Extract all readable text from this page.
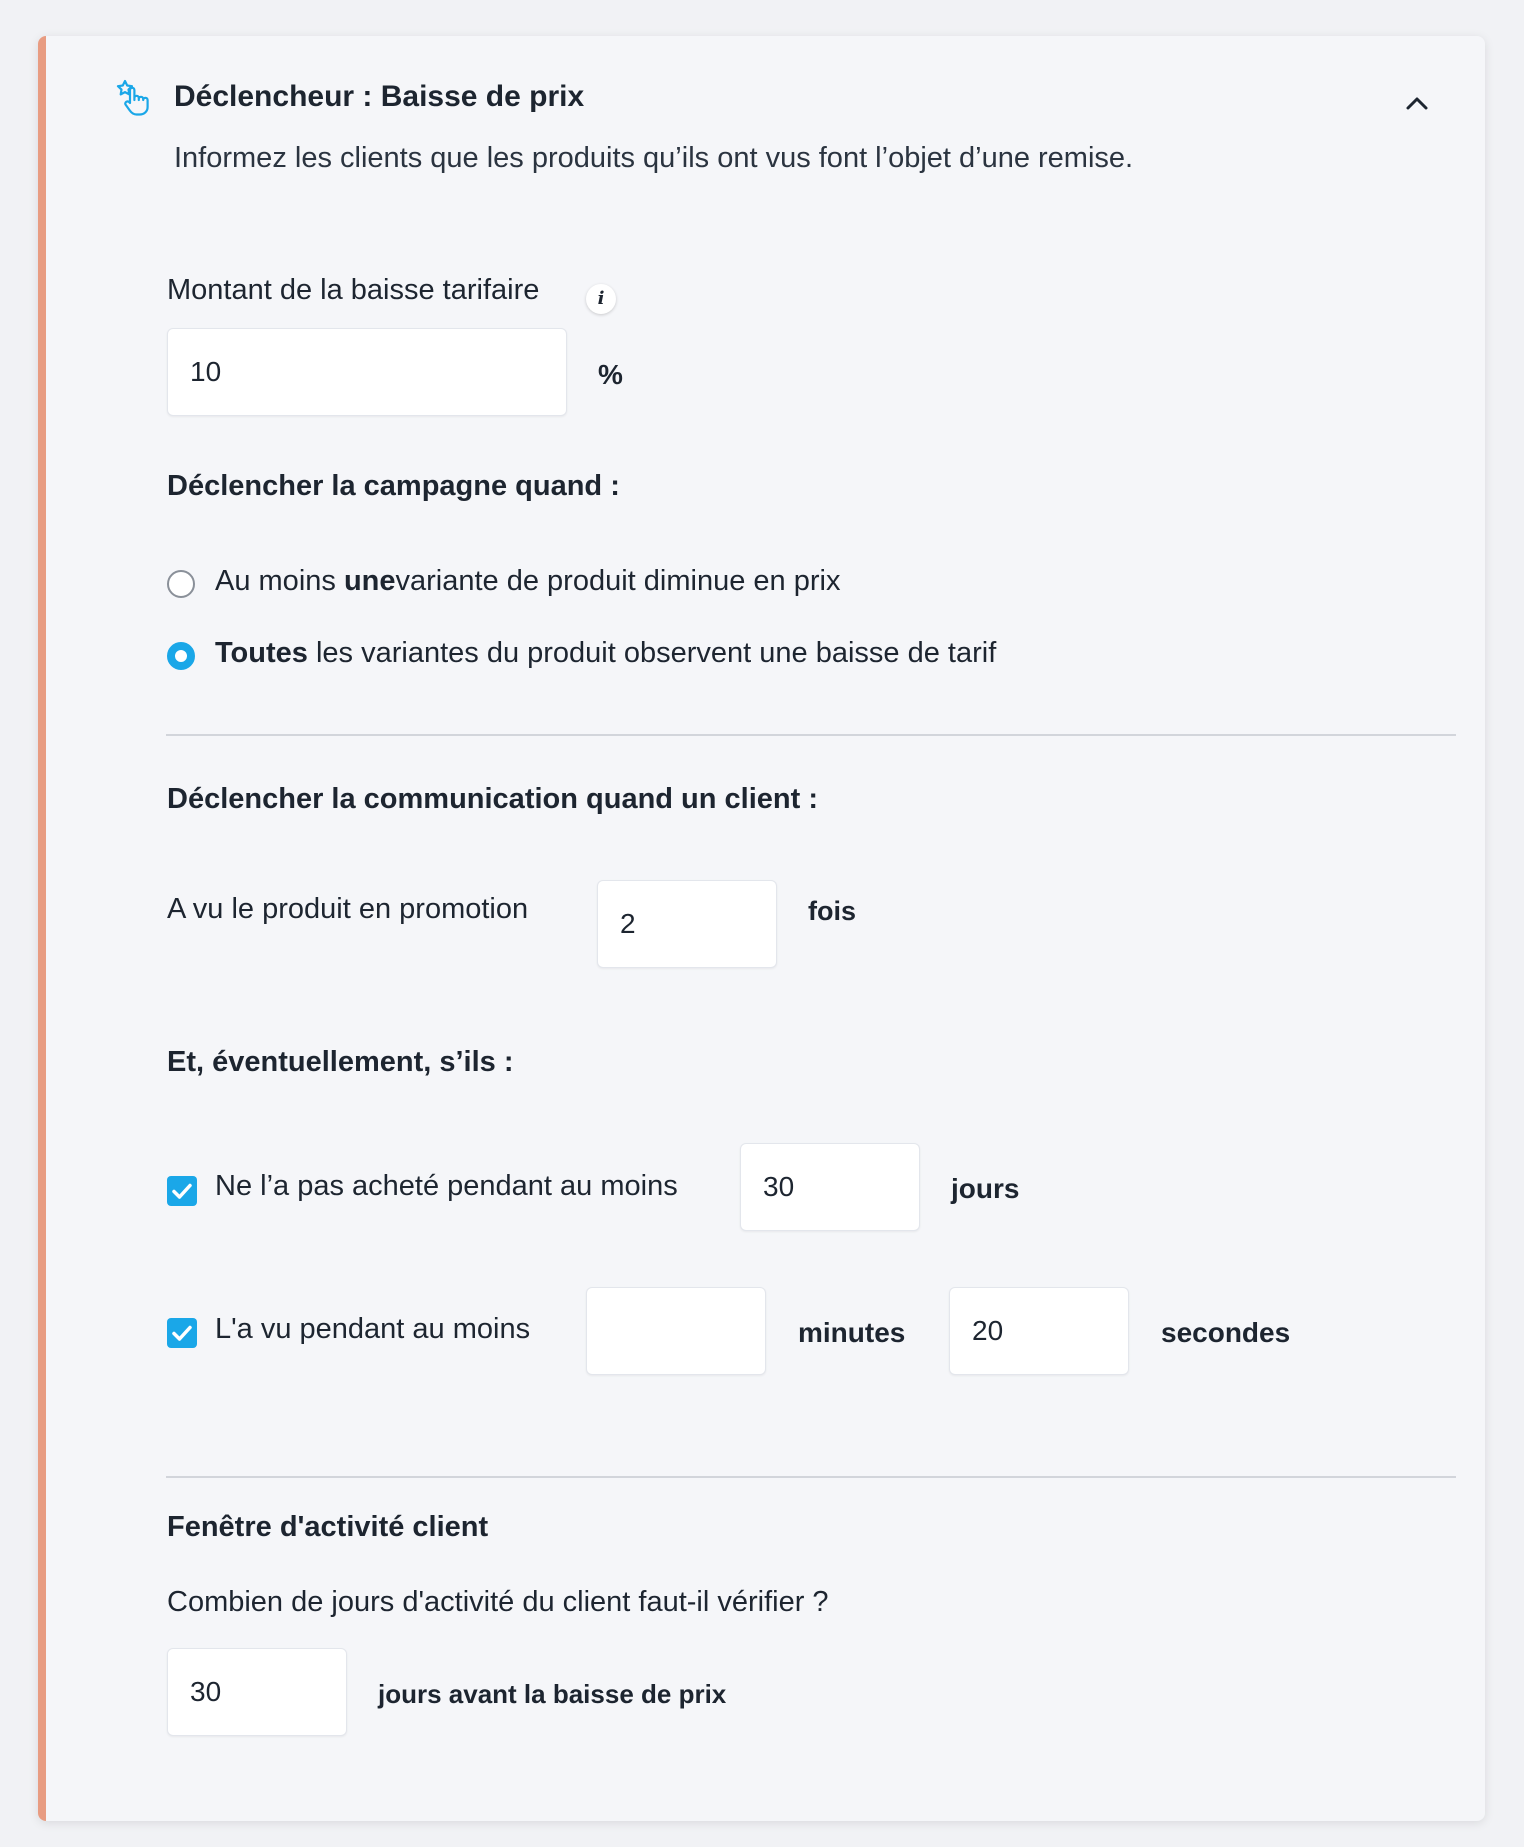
Déclencheur : Baisse de prix
Informez les clients que les produits qu’ils ont vus font l’objet d’une remise.
Montant de la baisse tarifaire	i
10
%
Déclencher la campagne quand :
Au moins unevariante de produit diminue en prix
Toutes les variantes du produit observent une baisse de tarif
Déclencher la communication quand un client :
A vu le produit en promotion
2	fois
Et, éventuellement, s’ils :
Ne l’a pas acheté pendant au moins
30	jours
L'a vu pendant au moins	minutes
20	secondes
Fenêtre d'activité client
Combien de jours d'activité du client faut-il vérifier ?
30
jours avant la baisse de prix
